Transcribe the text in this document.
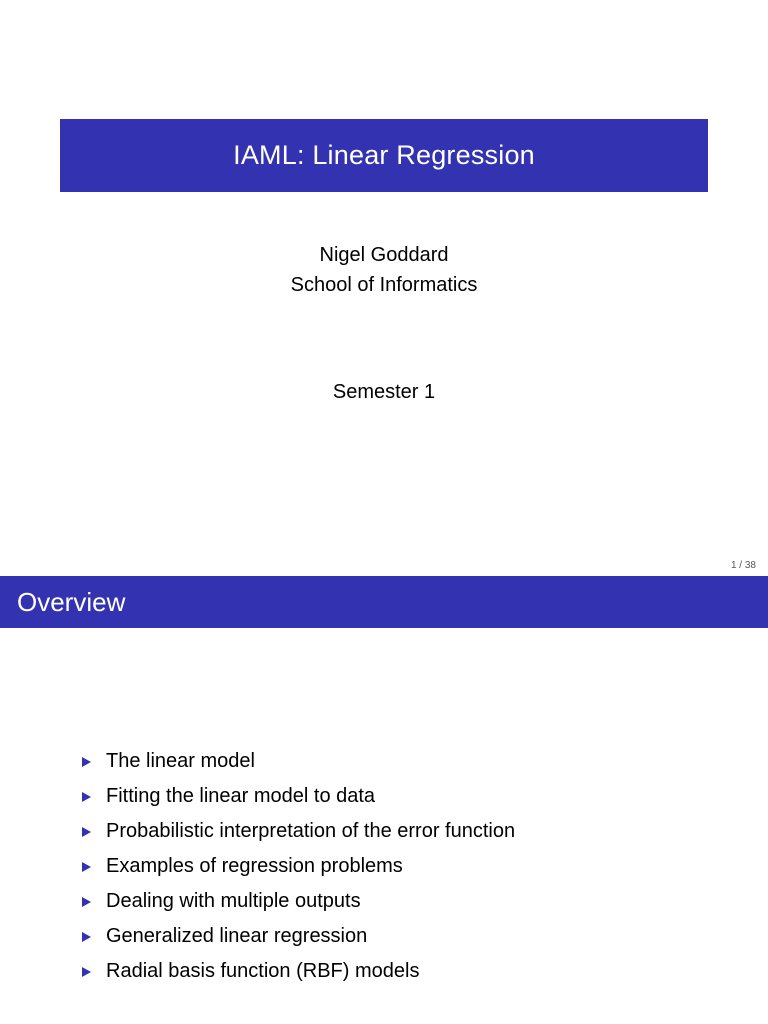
IAML: Linear Regression
Nigel Goddard
School of Informatics
Semester 1
1 / 38
Overview
The linear model
Fitting the linear model to data
Probabilistic interpretation of the error function
Examples of regression problems
Dealing with multiple outputs
Generalized linear regression
Radial basis function (RBF) models
